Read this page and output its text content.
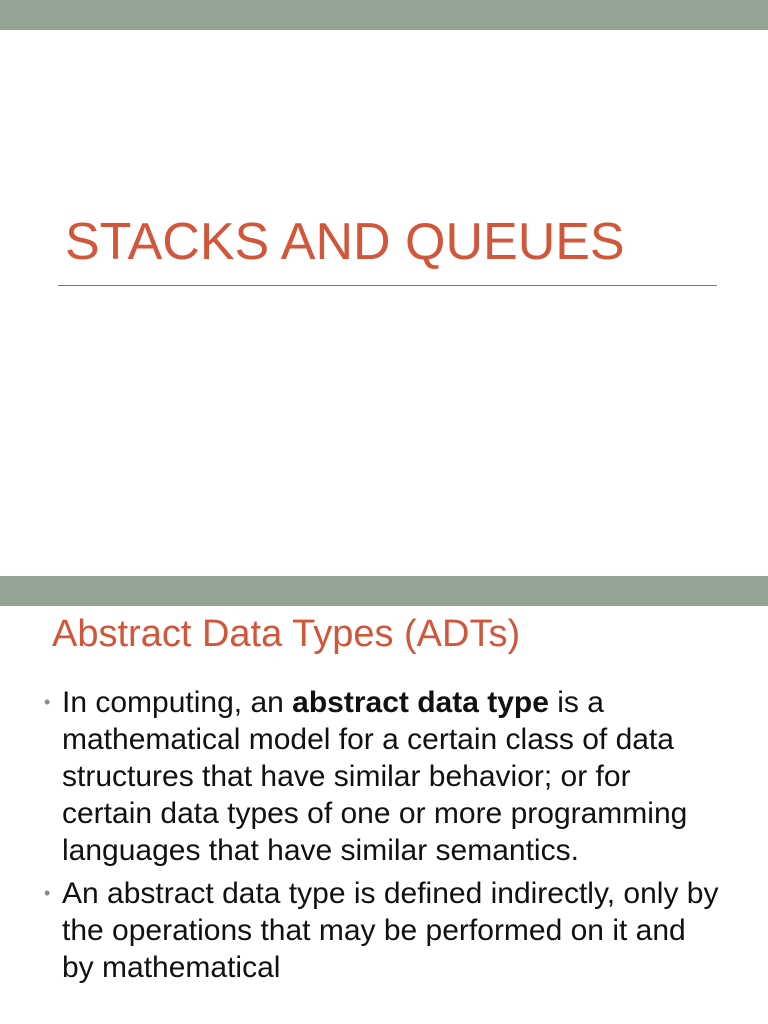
STACKS AND QUEUES
Abstract Data Types (ADTs)
• In computing, an abstract data type is a mathematical model for a certain class of data structures that have similar behavior; or for certain data types of one or more programming languages that have similar semantics.
• An abstract data type is defined indirectly, only by the operations that may be performed on it and by mathematical
